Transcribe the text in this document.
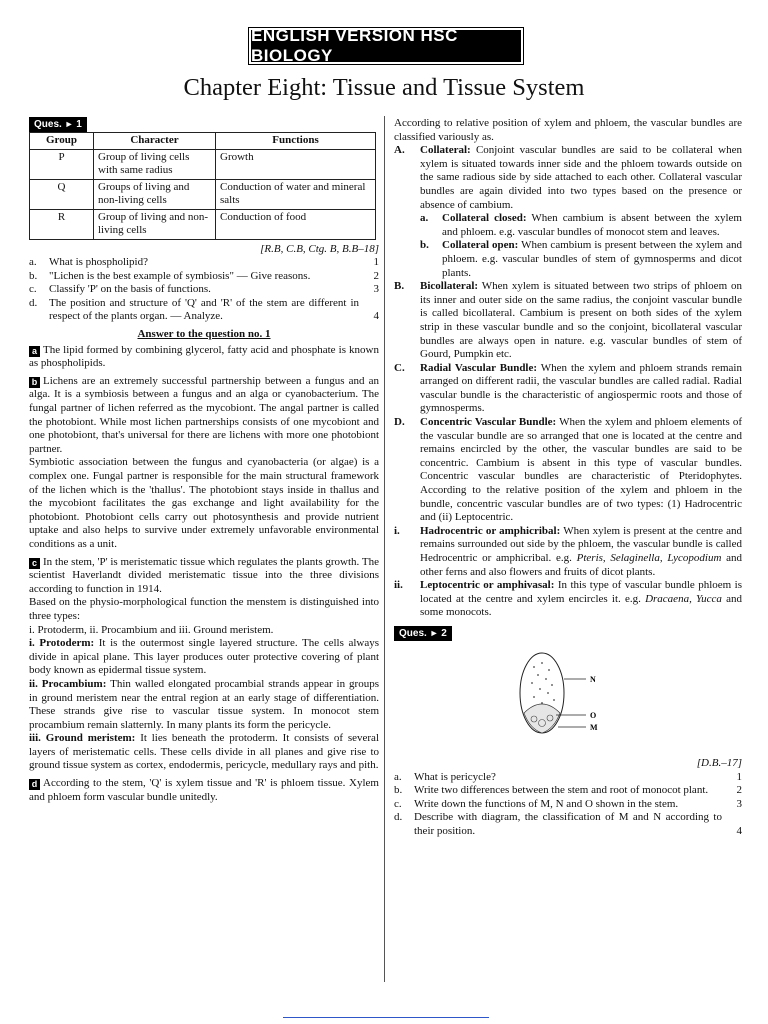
ENGLISH VERSION HSC BIOLOGY
Chapter Eight: Tissue and Tissue System
Ques. ► 1
Group	Character	Functions
P	Group of living cells with same radius	Growth
Q	Groups of living and non-living cells	Conduction of water and mineral salts
R	Group of living and non-living cells	Conduction of food
[R.B, C.B, Ctg. B, B.B–18]
a.	What is phospholipid?	1
b.	"Lichen is the best example of symbiosis" — Give reasons.	2
c.	Classify 'P' on the basis of functions.	3
d.	The position and structure of 'Q' and 'R' of the stem are different in respect of the plants organ. — Analyze.	4
Answer to the question no. 1

a The lipid formed by combining glycerol, fatty acid and phosphate is known as phospholipids.

b Lichens are an extremely successful partnership between a fungus and an alga. It is a symbiosis between a fungus and an alga or cyanobacterium. The fungal partner of lichen referred as the mycobiont. The angal partner is called the photobiont. While most lichen partnerships consists of one mycobiont and one photobiont, that's universal for there are lichens with more one photobiont partner.

Symbiotic association between the fungus and cyanobacteria (or algae) is a complex one. Fungal partner is responsible for the main structural framework of the lichen which is the 'thallus'. The photobiont stays inside in thallus and the mycobiont facilitates the gas exchange and light availability for the photobiont. Photobiont cells carry out photosynthesis and provide nutrient uptake and also helps to survive under extremely unfavorable environmental conditions as a unit.

c In the stem, 'P' is meristematic tissue which regulates the plants growth. The scientist Haverlandt divided meristematic tissue into the three divisions according to function in 1914.

Based on the physio-morphological function the menstem is distinguished into three types:

i. Protoderm, ii. Procambium and iii. Ground meristem.

i. Protoderm: It is the outermost single layered structure. The cells always divide in apical plane. This layer produces outer protective covering of plant body known as epidermal tissue system.

ii. Procambium: Thin walled elongated procambial strands appear in groups in ground meristem near the entral region at an early stage of differentiation. These strands give rise to vascular tissue system. In monocot stem procambium remain slatternly. In many plants its form the pericycle.

iii. Ground meristem: It lies beneath the protoderm. It consists of several layers of meristematic cells. These cells divide in all planes and give rise to ground tissue system as cortex, endodermis, pericycle, medullary rays and pith.

d According to the stem, 'Q' is xylem tissue and 'R' is phloem tissue. Xylem and phloem form vascular bundle unitedly.

According to relative position of xylem and phloem, the vascular bundles are classified variously as.

A.	Collateral: Conjoint vascular bundles are said to be collateral when xylem is situated towards inner side and the phloem towards outside on the same radious side by side attached to each other. Collateral vascular bundles are again divided into two types based on the presence or absence of cambium.
a.	Collateral closed: When cambium is absent between the xylem and phloem. e.g. vascular bundles of monocot stem and leaves.
b.	Collateral open: When cambium is present between the xylem and phloem. e.g. vascular bundles of stem of gymnosperms and dicot plants.
B.	Bicollateral: When xylem is situated between two strips of phloem on its inner and outer side on the same radius, the conjoint vascular bundle is called bicollateral. Cambium is present on both sides of the xylem strip in these vascular bundle and so the conjoint, bicollateral vascular bundles are always open in nature. e.g. vascular bundles of stem of Gourd, Pumpkin etc.
C.	Radial Vascular Bundle: When the xylem and phloem strands remain arranged on different radii, the vascular bundles are called radial. Radial vascular bundle is the characteristic of angiospermic roots and those of gymnosperms.
D.	Concentric Vascular Bundle: When the xylem and phloem elements of the vascular bundle are so arranged that one is located at the centre and remains encircled by the other, the vascular bundles are said to be concentric. Cambium is absent in this type of vascular bundles. Concentric vascular bundles are characteristic of Pteridophytes. According to the relative position of the xylem and phloem in the bundle, concentric vascular bundles are of two types: (1) Hadrocentric and (ii) Leptocentric.
i.	Hadrocentric or amphicribal: When xylem is present at the centre and remains surrounded out side by the phloem, the vascular bundle is called Hedrocentric or amphicribal. e.g. Pteris, Selaginella, Lycopodium and other ferns and also flowers and fruits of dicot plants.
ii.	Leptocentric or amphivasal: In this type of vascular bundle phloem is located at the centre and xylem encircles it. e.g. Dracaena, Yucca and some monocots.
Ques. ► 2
N
O
M
[D.B.–17]
a.	What is pericycle?	1
b.	Write two differences between the stem and root of monocot plant.	2
c.	Write down the functions of M, N and O shown in the stem.	3
d.	Describe with diagram, the classification of M and N according to their position.	4
